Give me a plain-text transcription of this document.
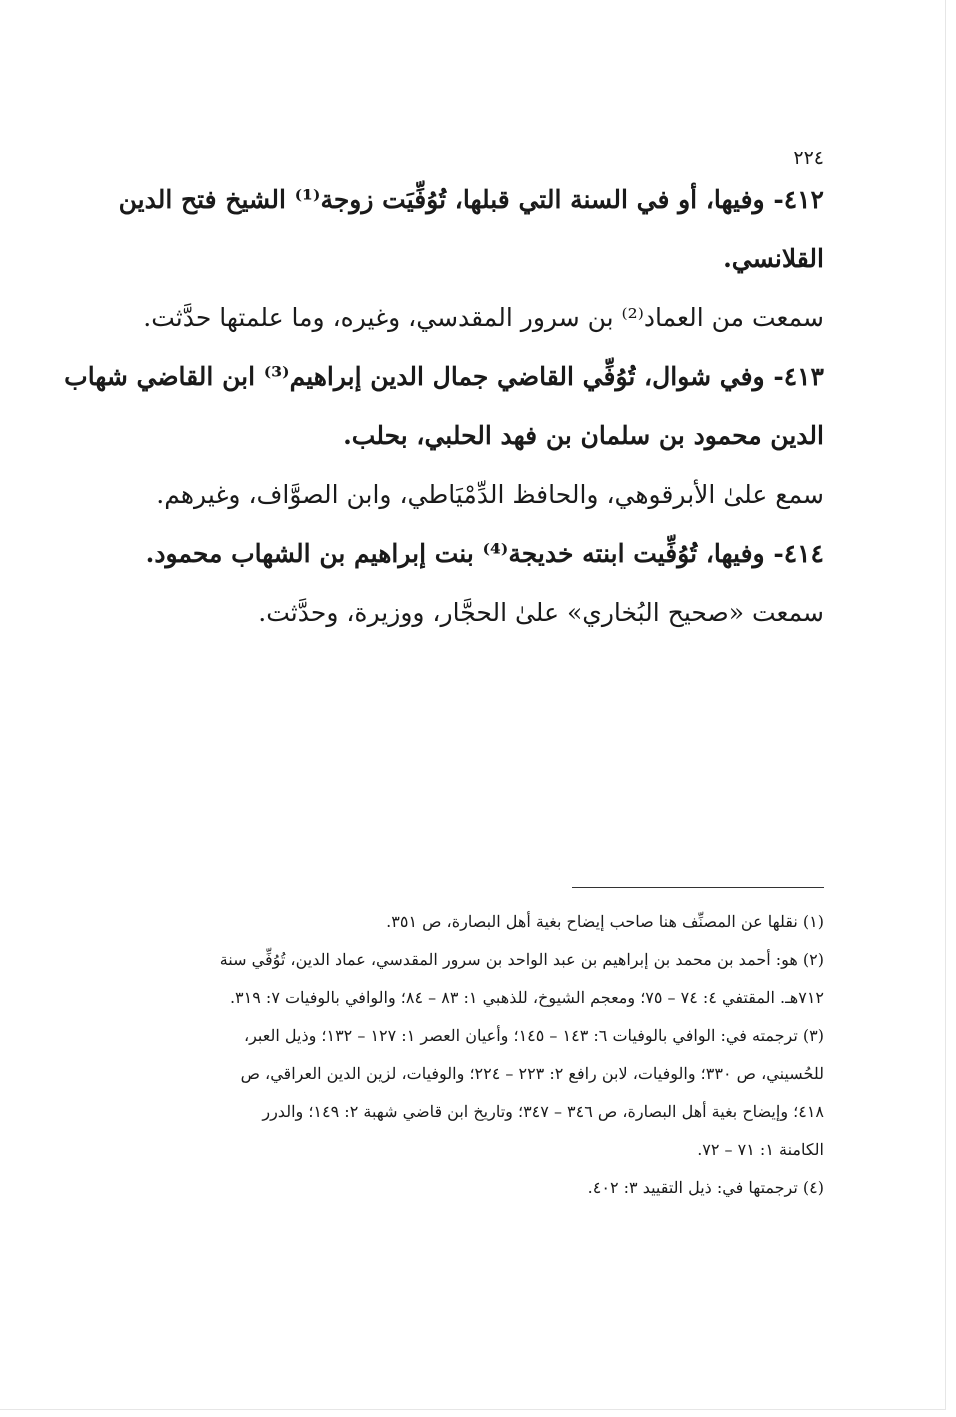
٢٢٤
٤١٢- وفيها، أو في السنة التي قبلها، تُوُفِّيَت زوجة⁽¹⁾ الشيخ فتح الدين
القلانسي.
سمعت من العماد⁽²⁾ بن سرور المقدسي، وغيره، وما علمتها حدَّثت.
٤١٣- وفي شوال، تُوُفِّي القاضي جمال الدين إبراهيم⁽³⁾ ابن القاضي شهاب
الدين محمود بن سلمان بن فهد الحلبي، بحلب.
سمع علىٰ الأبرقوهي، والحافظ الدِّمْيَاطي، وابن الصوَّاف، وغيرهم.
٤١٤- وفيها، تُوُفِّيت ابنته خديجة⁽⁴⁾ بنت إبراهيم بن الشهاب محمود.
سمعت «صحيح البُخاري» علىٰ الحجَّار، ووزيرة، وحدَّثت.
(١) نقلها عن المصنِّف هنا صاحب إيضاح بغية أهل البصارة، ص ٣٥١.
(٢) هو: أحمد بن محمد بن إبراهيم بن عبد الواحد بن سرور المقدسي، عماد الدين، تُوُفِّي سنة
٧١٢هـ. المقتفي ٤: ٧٤ – ٧٥؛ ومعجم الشيوخ، للذهبي ١: ٨٣ – ٨٤؛ والوافي بالوفيات ٧: ٣١٩.
(٣) ترجمته في: الوافي بالوفيات ٦: ١٤٣ – ١٤٥؛ وأعيان العصر ١: ١٢٧ – ١٣٢؛ وذيل العبر،
للحُسيني، ص ٣٣٠؛ والوفيات، لابن رافع ٢: ٢٢٣ – ٢٢٤؛ والوفيات، لزين الدين العراقي، ص
٤١٨؛ وإيضاح بغية أهل البصارة، ص ٣٤٦ – ٣٤٧؛ وتاريخ ابن قاضي شهبة ٢: ١٤٩؛ والدرر
الكامنة ١: ٧١ – ٧٢.
(٤) ترجمتها في: ذيل التقييد ٣: ٤٠٢.
